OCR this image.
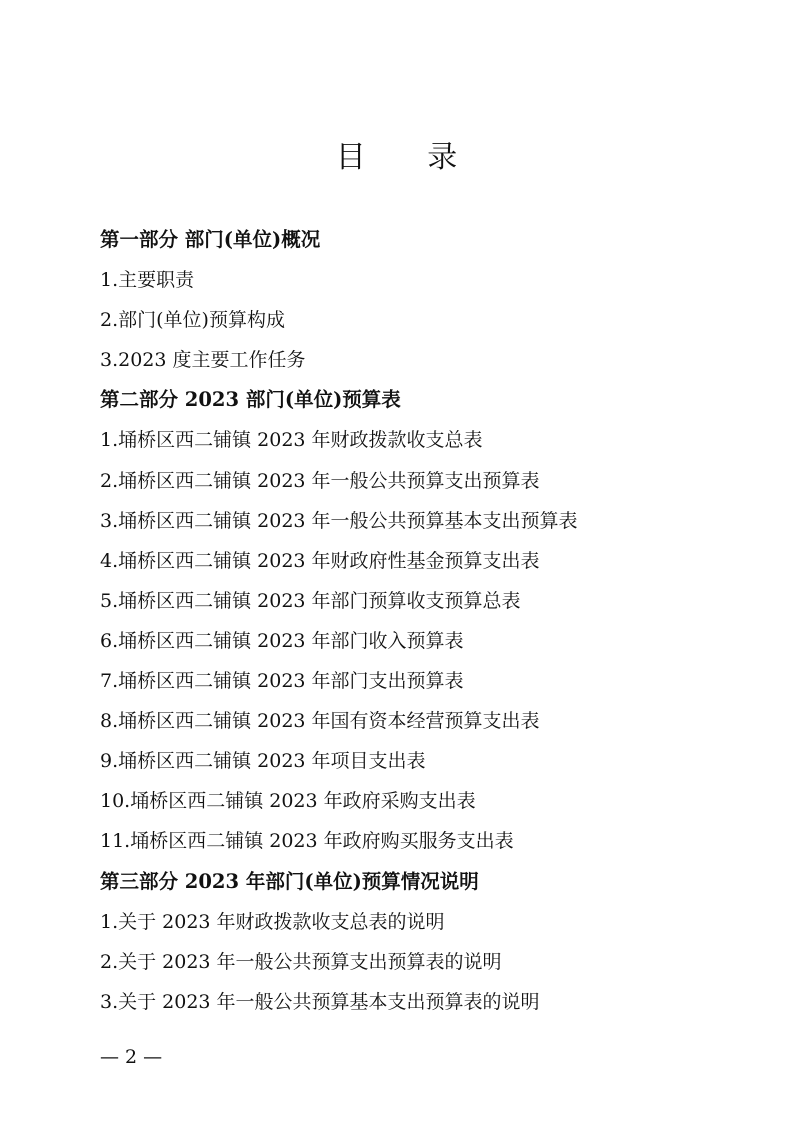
目 录
第一部分 部门(单位)概况
1.主要职责
2.部门(单位)预算构成
3.2023 度主要工作任务
第二部分 2023 部门(单位)预算表
1.埇桥区西二铺镇 2023 年财政拨款收支总表
2.埇桥区西二铺镇 2023 年一般公共预算支出预算表
3.埇桥区西二铺镇 2023 年一般公共预算基本支出预算表
4.埇桥区西二铺镇 2023 年财政府性基金预算支出表
5.埇桥区西二铺镇 2023 年部门预算收支预算总表
6.埇桥区西二铺镇 2023 年部门收入预算表
7.埇桥区西二铺镇 2023 年部门支出预算表
8.埇桥区西二铺镇 2023 年国有资本经营预算支出表
9.埇桥区西二铺镇 2023 年项目支出表
10.埇桥区西二铺镇 2023 年政府采购支出表
11.埇桥区西二铺镇 2023 年政府购买服务支出表
第三部分 2023 年部门(单位)预算情况说明
1.关于 2023 年财政拨款收支总表的说明
2.关于 2023 年一般公共预算支出预算表的说明
3.关于 2023 年一般公共预算基本支出预算表的说明
— 2 —
